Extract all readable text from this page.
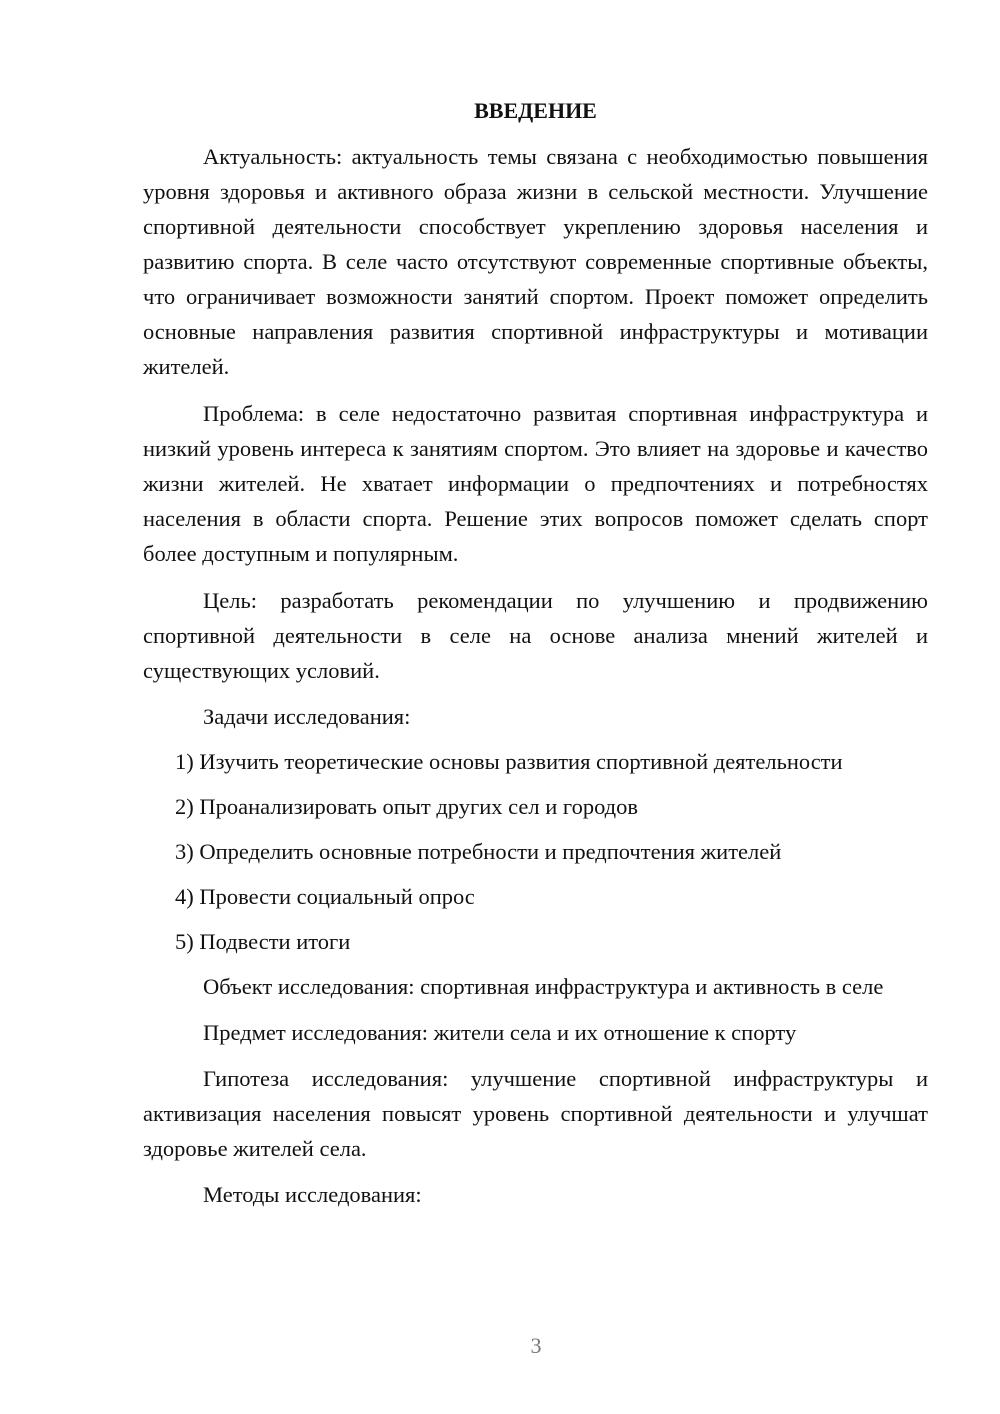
ВВЕДЕНИЕ

Актуальность: актуальность темы связана с необходимостью повышения уровня здоровья и активного образа жизни в сельской местности. Улучшение спортивной деятельности способствует укреплению здоровья населения и развитию спорта. В селе часто отсутствуют современные спортивные объекты, что ограничивает возможности занятий спортом. Проект поможет определить основные направления развития спортивной инфраструктуры и мотивации жителей.

Проблема: в селе недостаточно развитая спортивная инфраструктура и низкий уровень интереса к занятиям спортом. Это влияет на здоровье и качество жизни жителей. Не хватает информации о предпочтениях и потребностях населения в области спорта. Решение этих вопросов поможет сделать спорт более доступным и популярным.

Цель: разработать рекомендации по улучшению и продвижению спортивной деятельности в селе на основе анализа мнений жителей и существующих условий.

Задачи исследования:

1) Изучить теоретические основы развития спортивной деятельности

2) Проанализировать опыт других сел и городов

3) Определить основные потребности и предпочтения жителей

4) Провести социальный опрос

5) Подвести итоги

Объект исследования: спортивная инфраструктура и активность в селе

Предмет исследования: жители села и их отношение к спорту

Гипотеза исследования: улучшение спортивной инфраструктуры и активизация населения повысят уровень спортивной деятельности и улучшат здоровье жителей села.

Методы исследования:

3
